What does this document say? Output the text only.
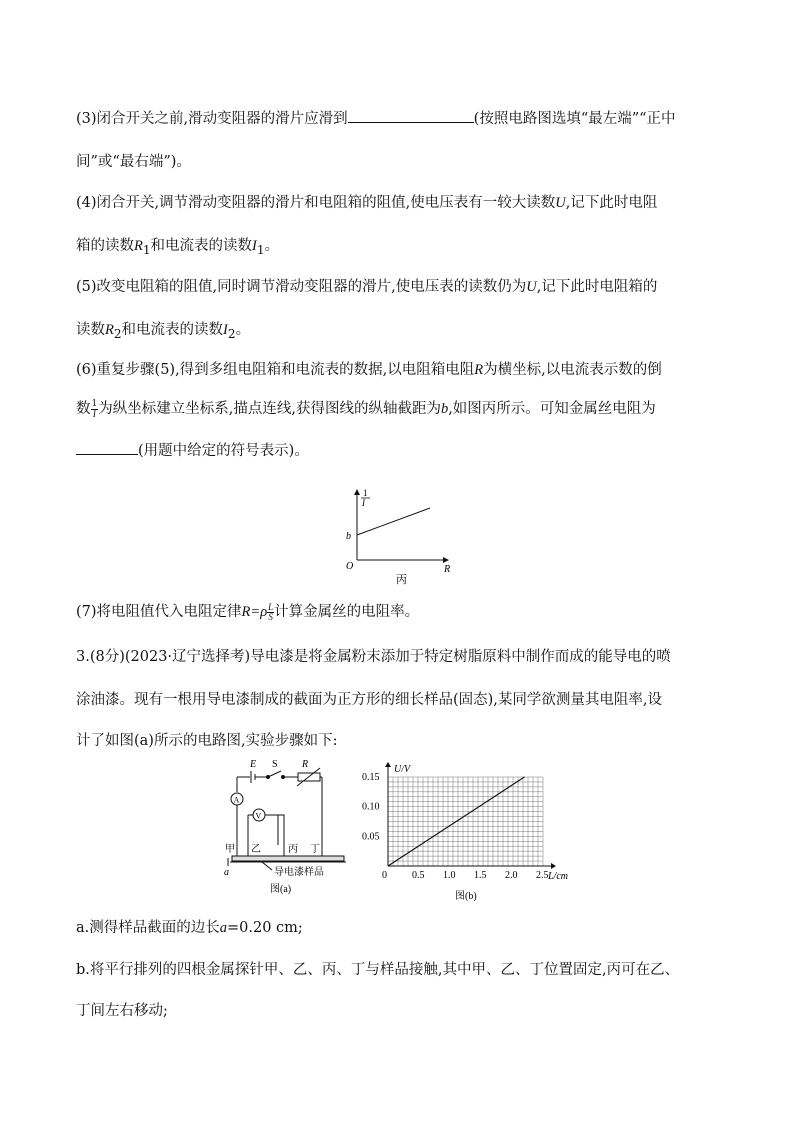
(3)闭合开关之前,滑动变阻器的滑片应滑到	(按照电路图选填“最左端”“正中
间”或“最右端”)。
(4)闭合开关,调节滑动变阻器的滑片和电阻箱的阻值,使电压表有一较大读数U,记下此时电阻
箱的读数$R_1$和电流表的读数$I_1$。
(5)改变电阻箱的阻值,同时调节滑动变阻器的滑片,使电压表的读数仍为U,记下此时电阻箱的
读数$R_2$和电流表的读数$I_2$。
(6)重复步骤(5),得到多组电阻箱和电流表的数据,以电阻箱电阻R为横坐标,以电流表示数的倒
数 $\frac{1}{I}$ 为纵坐标建立坐标系,描点连线,获得图线的纵轴截距为b,如图丙所示。可知金属丝电阻为
(用题中给定的符号表示)。
1
I
b
O	R
丙
(7)将电阻值代入电阻定律$R=\rho \frac{L}{S}$ 计算金属丝的电阻率。
3.(8分)(2023·辽宁选择考)导电漆是将金属粉末添加于特定树脂原料中制作而成的能导电的喷
涂油漆。现有一根用导电漆制成的截面为正方形的细长样品(固态),某同学欲测量其电阻率,设
计了如图(a)所示的电路图,实验步骤如下:
E S R
A
V
甲 乙	丙 丁
a	导电漆样品
图(a)
0	0.5 1.0 1.5 2.0 2.5
0.05
0.10
0.15
U/V
L/cm
图(b)
a.测得样品截面的边长a=0.20 cm;
b.将平行排列的四根金属探针甲、乙、丙、丁与样品接触,其中甲、乙、丁位置固定,丙可在乙、
丁间左右移动;
